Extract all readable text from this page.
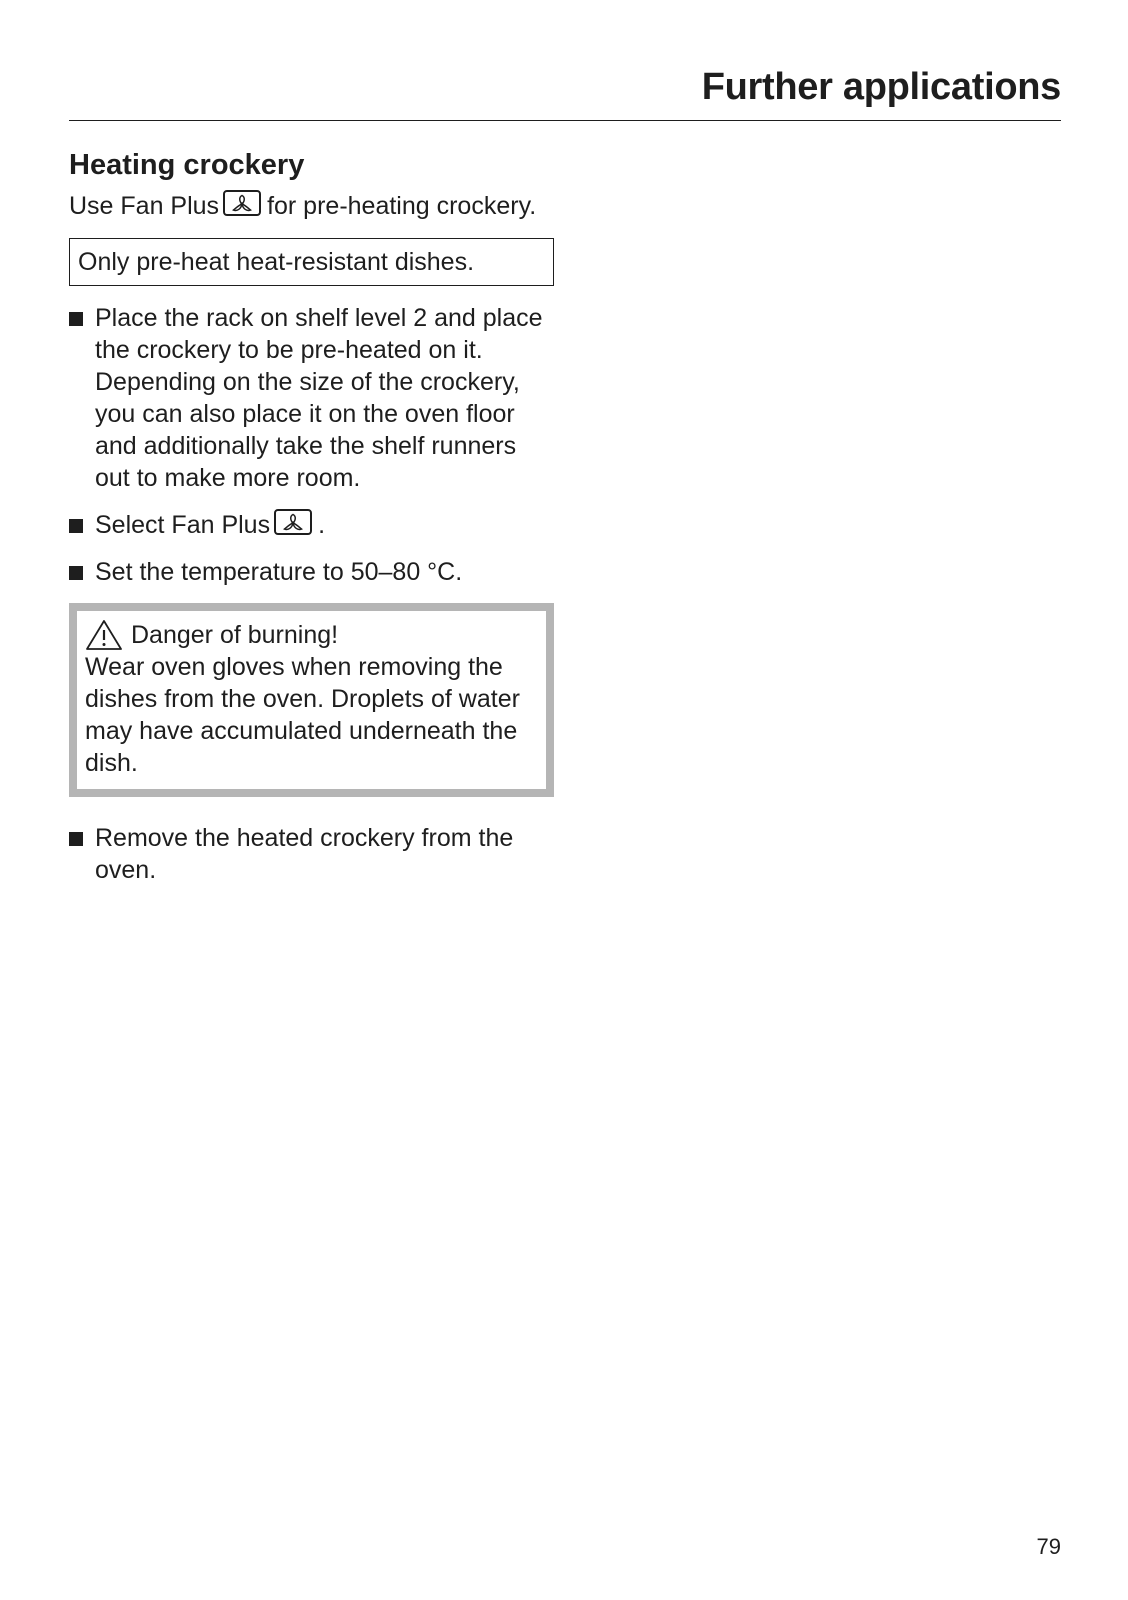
Further applications
Heating crockery

Use Fan Plus for pre-heating crockery.

Only pre-heat heat-resistant dishes.
Place the rack on shelf level 2 and place the crockery to be pre-heated on it. Depending on the size of the crockery, you can also place it on the oven floor and additionally take the shelf runners out to make more room.
Select Fan Plus .
Set the temperature to 50–80 °C.
Danger of burning!
Wear oven gloves when removing the dishes from the oven. Droplets of water may have accumulated underneath the dish.
Remove the heated crockery from the oven.
79
